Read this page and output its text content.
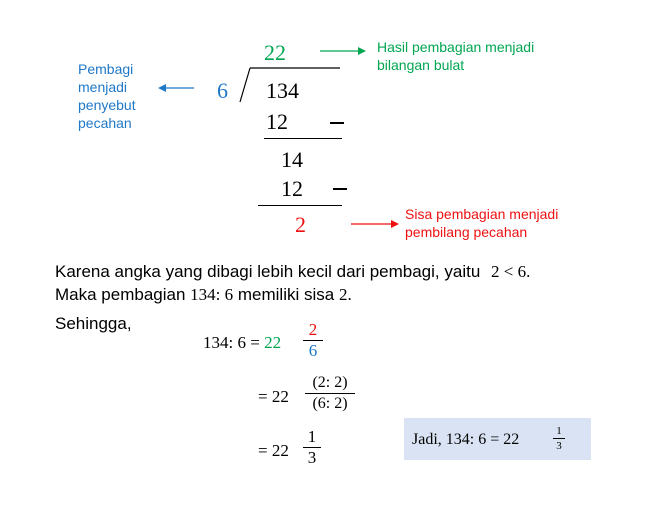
22
6 134
12
14
12
2
Pembagi
menjadi
penyebut
pecahan
Hasil pembagian menjadi
bilangan bulat
Sisa pembagian menjadi
pembilang pecahan
Karena angka yang dibagi lebih kecil dari pembagi, yaitu 2 < 6.
Maka pembagian 134: 6 memiliki sisa 2.
Sehingga,
134: 6 = 22
2
6
= 22
(2: 2)
(6: 2)
= 22
1
3
Jadi, 134: 6 = 22	1
3
